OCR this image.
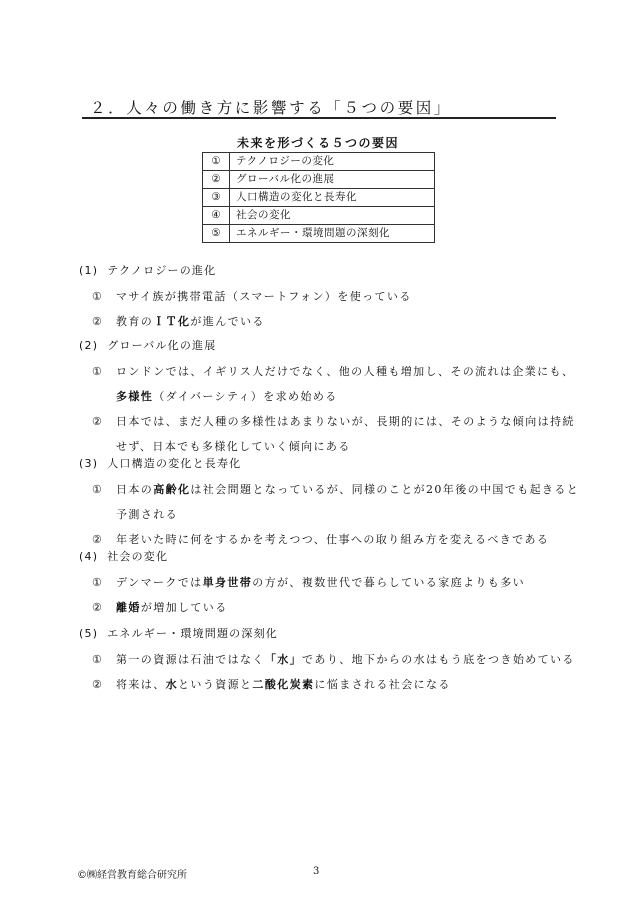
２．人々の働き方に影響する「５つの要因」
未来を形づくる５つの要因
①	テクノロジーの変化
②	グローバル化の進展
③	人口構造の変化と長寿化
④	社会の変化
⑤	エネルギー・環境問題の深刻化
(1) テクノロジーの進化
① マサイ族が携帯電話（スマートフォン）を使っている
② 教育のＩＴ化が進んでいる
(2) グローバル化の進展
① ロンドンでは、イギリス人だけでなく、他の人種も増加し、その流れは企業にも、
多様性（ダイバーシティ）を求め始める
② 日本では、まだ人種の多様性はあまりないが、長期的には、そのような傾向は持続
せず、日本でも多様化していく傾向にある
(3) 人口構造の変化と長寿化
① 日本の高齢化は社会問題となっているが、同様のことが20年後の中国でも起きると
予測される
② 年老いた時に何をするかを考えつつ、仕事への取り組み方を変えるべきである
(4) 社会の変化
① デンマークでは単身世帯の方が、複数世代で暮らしている家庭よりも多い
② 離婚が増加している
(5) エネルギー・環境問題の深刻化
① 第一の資源は石油ではなく「水」であり、地下からの水はもう底をつき始めている
② 将来は、水という資源と二酸化炭素に悩まされる社会になる
©㈱経営教育総合研究所	3
